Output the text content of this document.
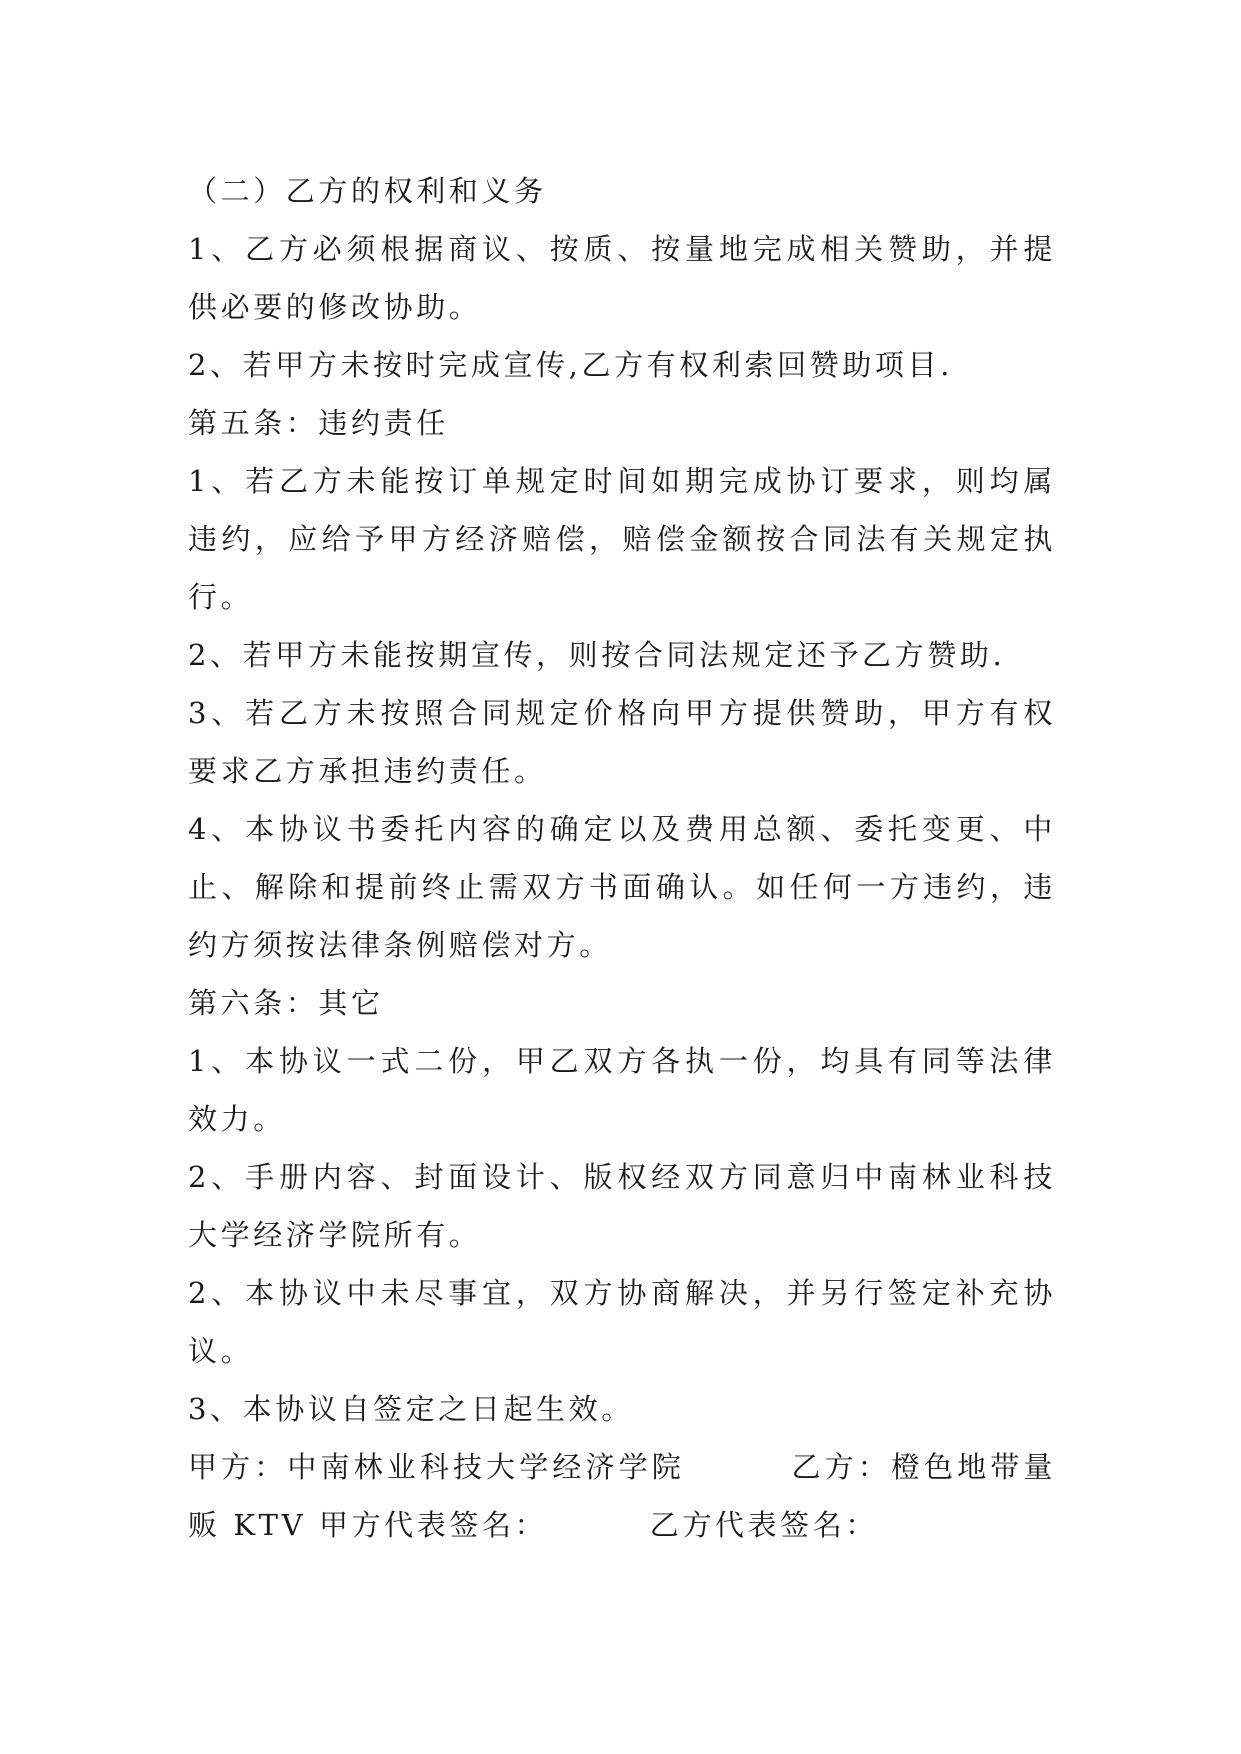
（二）乙方的权利和义务

1、乙方必须根据商议、按质、按量地完成相关赞助，并提供必要的修改协助。

2、若甲方未按时完成宣传,乙方有权利索回赞助项目.

第五条：违约责任

1、若乙方未能按订单规定时间如期完成协订要求，则均属违约，应给予甲方经济赔偿，赔偿金额按合同法有关规定执行。

2、若甲方未能按期宣传，则按合同法规定还予乙方赞助.

3、若乙方未按照合同规定价格向甲方提供赞助，甲方有权要求乙方承担违约责任。

4、本协议书委托内容的确定以及费用总额、委托变更、中止、解除和提前终止需双方书面确认。如任何一方违约，违约方须按法律条例赔偿对方。

第六条：其它

1、本协议一式二份，甲乙双方各执一份，均具有同等法律效力。

2、手册内容、封面设计、版权经双方同意归中南林业科技大学经济学院所有。

2、本协议中未尽事宜，双方协商解决，并另行签定补充协议。

3、本协议自签定之日起生效。

甲方：中南林业科技大学经济学院        乙方：橙色地带量贩 KTV 甲方代表签名：        乙方代表签名：
